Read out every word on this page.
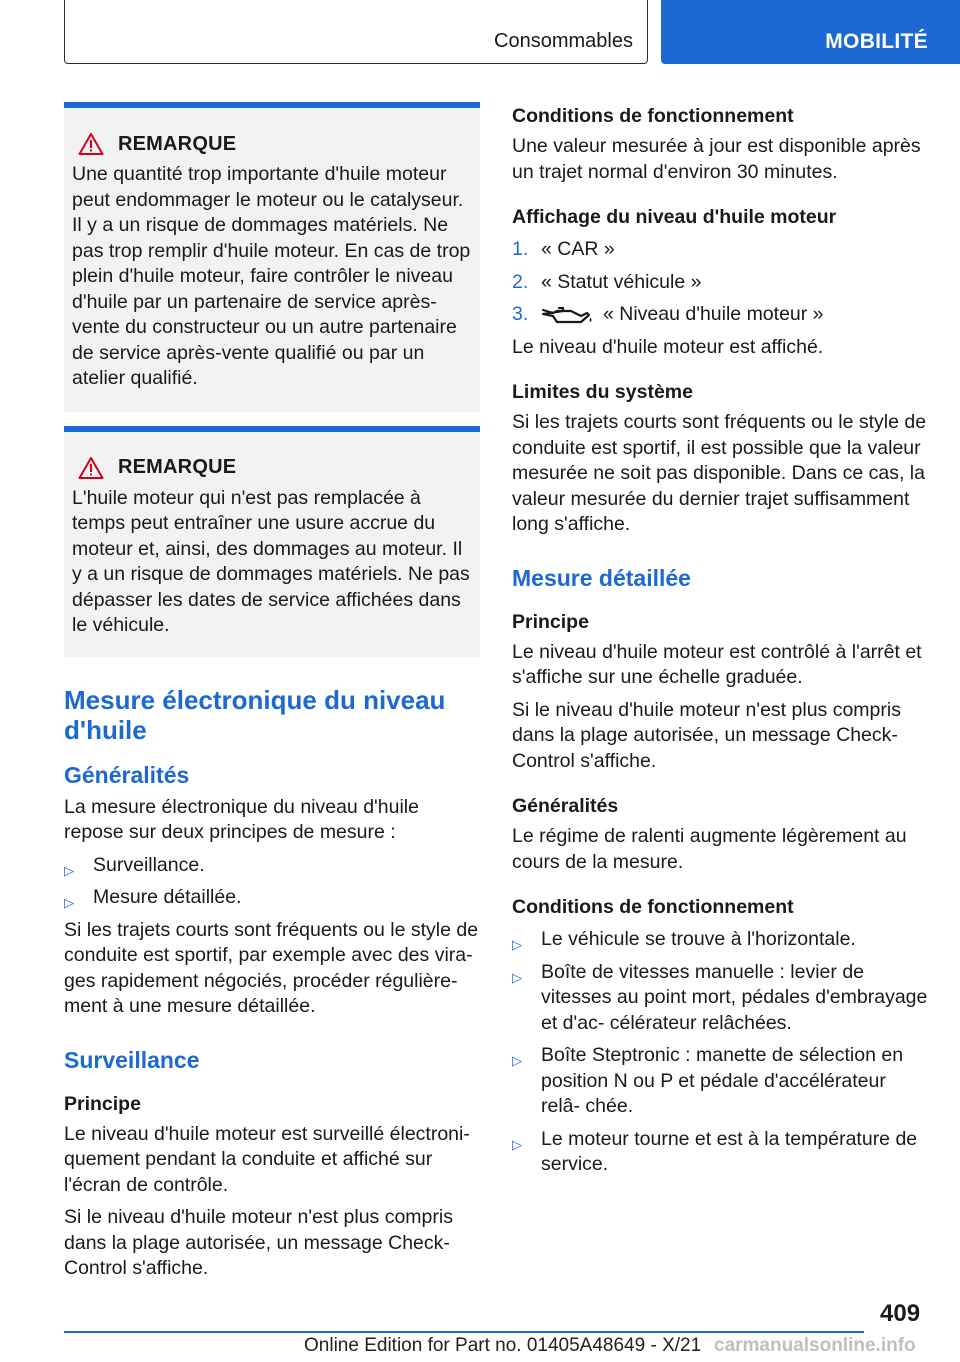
Consommables	MOBILITÉ
REMARQUE
Une quantité trop importante d'huile moteur peut endommager le moteur ou le catalyseur. Il y a un risque de dommages matériels. Ne pas trop remplir d'huile moteur. En cas de trop plein d'huile moteur, faire contrôler le niveau d'huile par un partenaire de service après-vente du constructeur ou un autre partenaire de service après-vente qualifié ou par un atelier qualifié.
REMARQUE
L'huile moteur qui n'est pas remplacée à temps peut entraîner une usure accrue du moteur et, ainsi, des dommages au moteur. Il y a un risque de dommages matériels. Ne pas dépasser les dates de service affichées dans le véhicule.
Mesure électronique du niveau d'huile
Généralités

La mesure électronique du niveau d'huile repose sur deux principes de mesure :

▷ Surveillance.
▷ Mesure détaillée.

Si les trajets courts sont fréquents ou le style de conduite est sportif, par exemple avec des vira‐ ges rapidement négociés, procéder régulière‐ ment à une mesure détaillée.

Surveillance
Principe

Le niveau d'huile moteur est surveillé électroni‐ quement pendant la conduite et affiché sur l'écran de contrôle.

Si le niveau d'huile moteur n'est plus compris dans la plage autorisée, un message Check- Control s'affiche.

Conditions de fonctionnement

Une valeur mesurée à jour est disponible après un trajet normal d'environ 30 minutes.

Affichage du niveau d'huile moteur
1. « CAR »
2. « Statut véhicule »
3.	« Niveau d'huile moteur »

Le niveau d'huile moteur est affiché.

Limites du système

Si les trajets courts sont fréquents ou le style de conduite est sportif, il est possible que la valeur mesurée ne soit pas disponible. Dans ce cas, la valeur mesurée du dernier trajet suffisamment long s'affiche.

Mesure détaillée
Principe

Le niveau d'huile moteur est contrôlé à l'arrêt et s'affiche sur une échelle graduée.

Si le niveau d'huile moteur n'est plus compris dans la plage autorisée, un message Check- Control s'affiche.

Généralités

Le régime de ralenti augmente légèrement au cours de la mesure.

Conditions de fonctionnement
▷ Le véhicule se trouve à l'horizontale.
▷ Boîte de vitesses manuelle : levier de vitesses au point mort, pédales d'embrayage et d'ac‐ célérateur relâchées.
▷ Boîte Steptronic : manette de sélection en position N ou P et pédale d'accélérateur relâ‐ chée.
▷ Le moteur tourne et est à la température de service.
409
Online Edition for Part no. 01405A48649 - X/21 carmanualsonline.info
